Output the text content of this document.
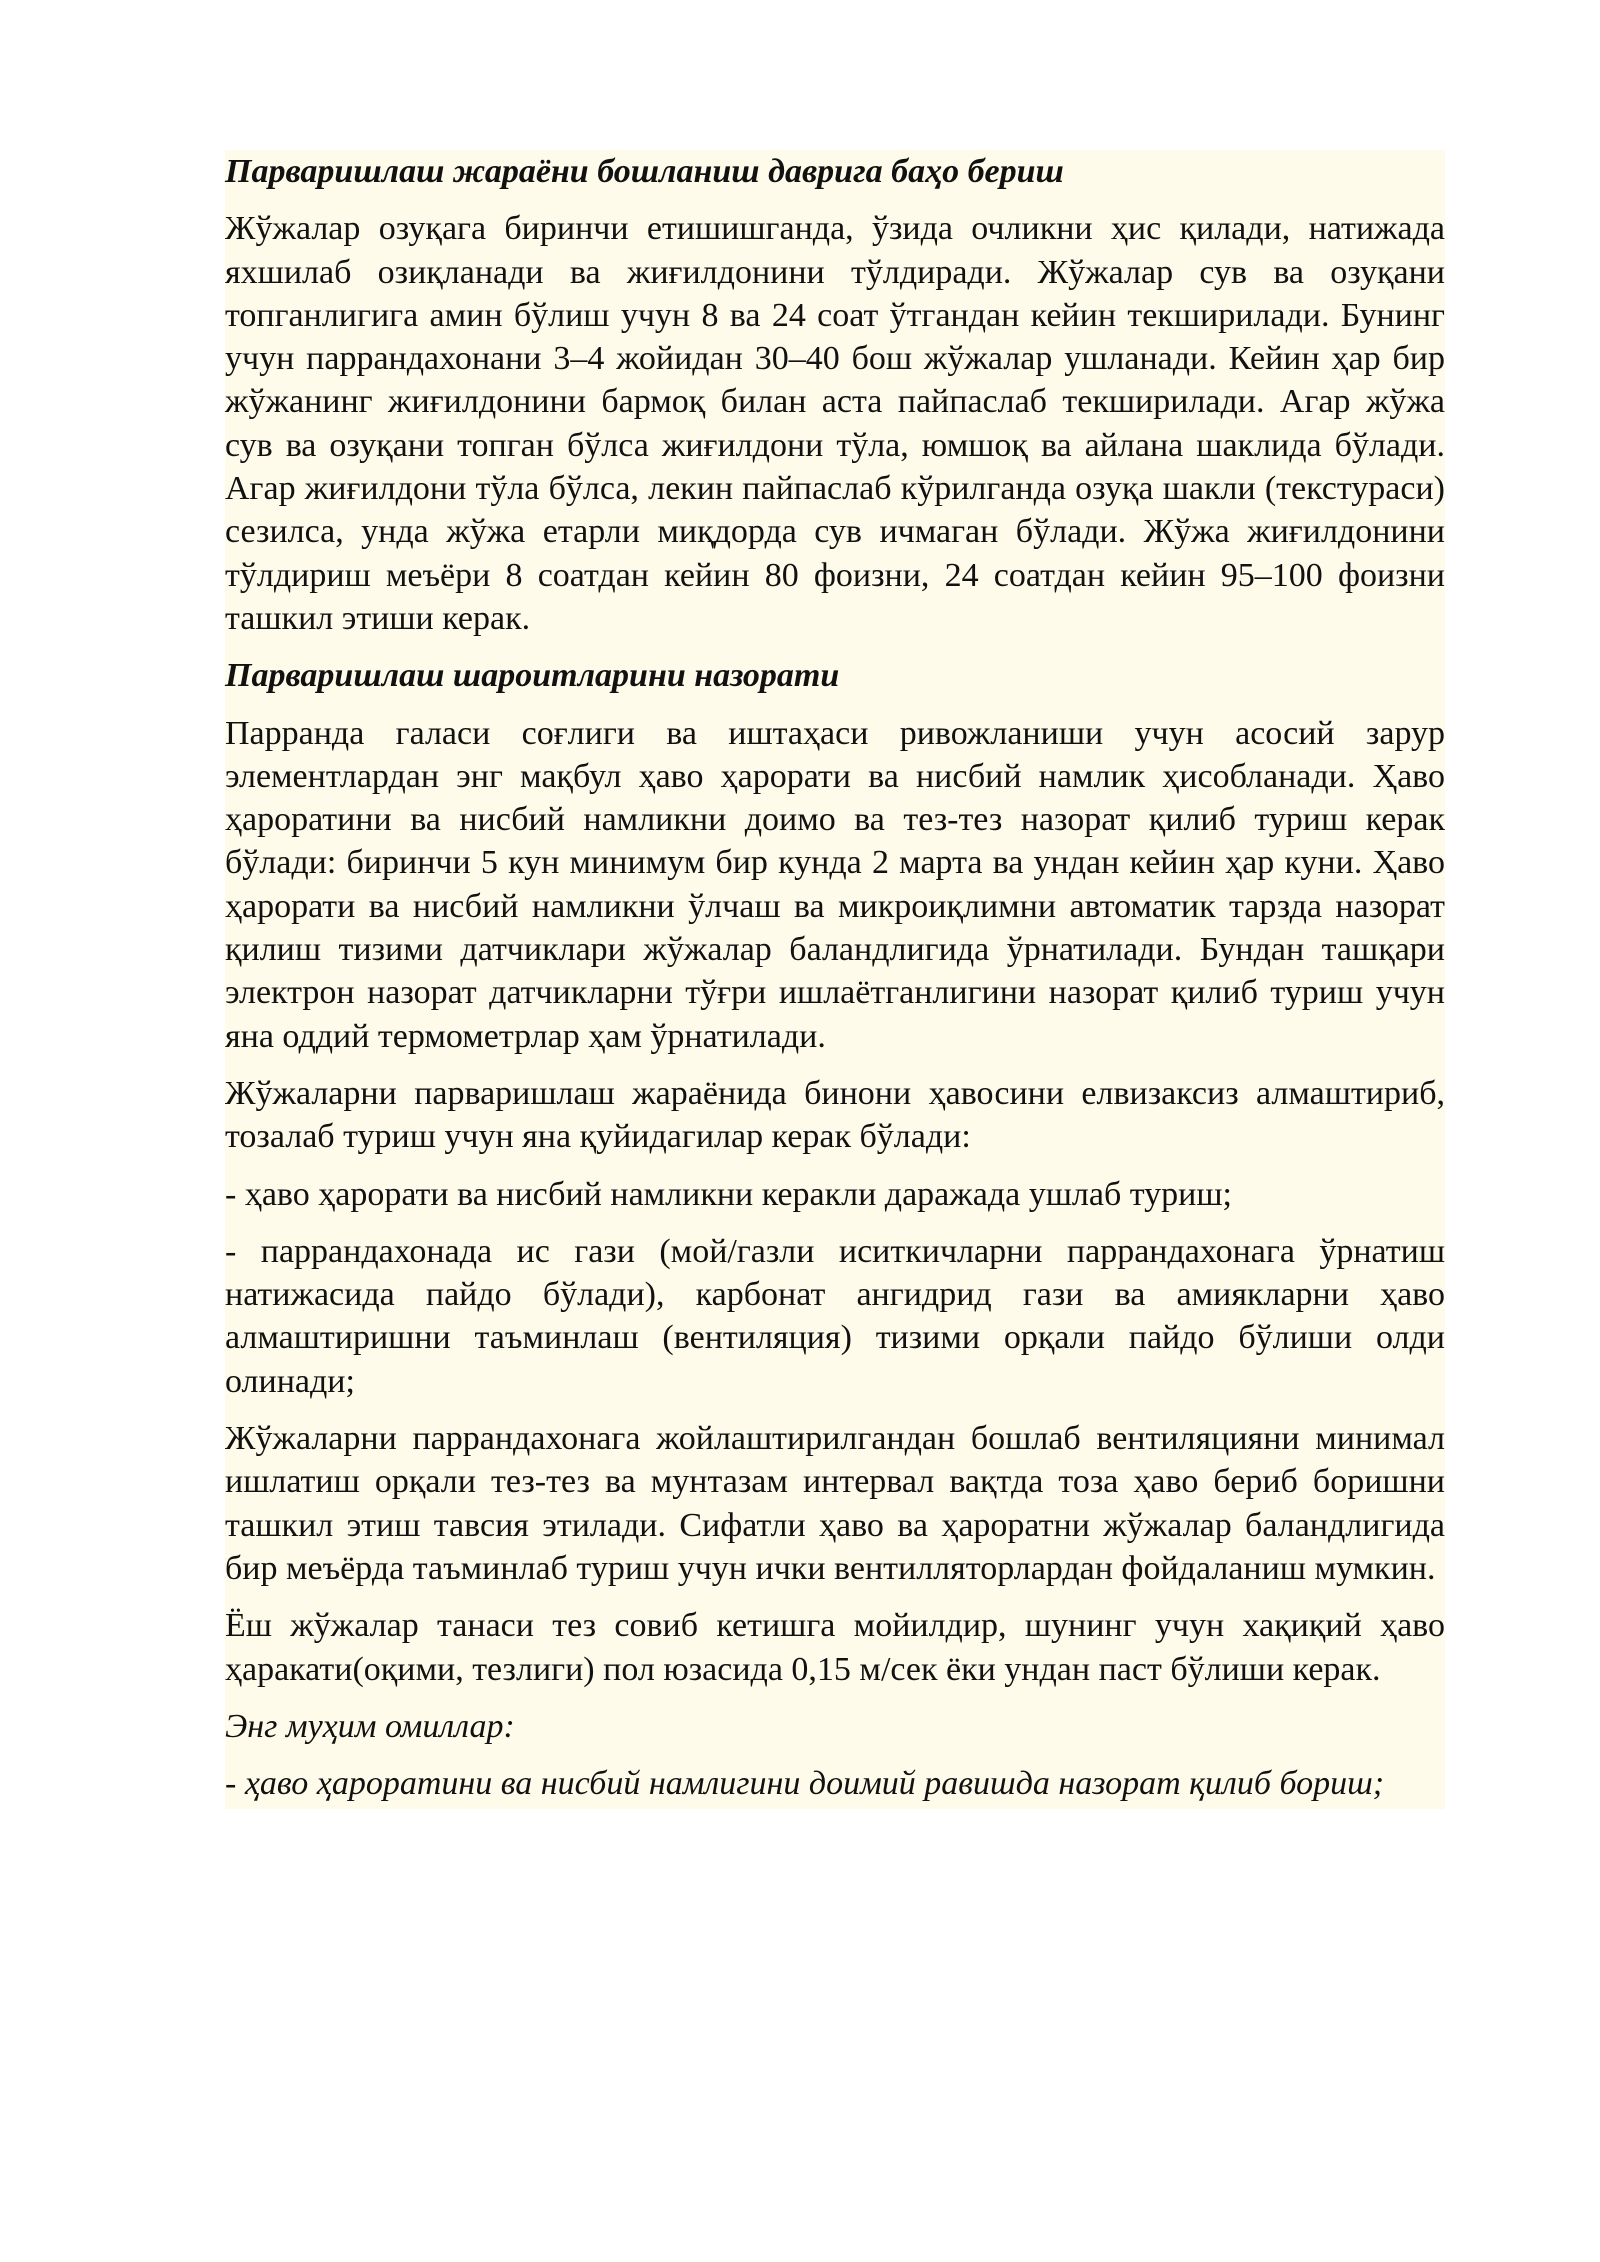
Парваришлаш жараёни бошланиш даврига баҳо бериш

Жўжалар озуқага биринчи етишишганда, ўзида очликни ҳис қилади, натижада яхшилаб озиқланади ва жиғилдонини тўлдиради. Жўжалар сув ва озуқани топганлигига амин бўлиш учун 8 ва 24 соат ўтгандан кейин текширилади. Бунинг учун паррандахонани 3–4 жойидан 30–40 бош жўжалар ушланади. Кейин ҳар бир жўжанинг жиғилдонини бармоқ билан аста пайпаслаб текширилади. Агар жўжа сув ва озуқани топган бўлса жиғилдони тўла, юмшоқ ва айлана шаклида бўлади. Агар жиғилдони тўла бўлса, лекин пайпаслаб кўрилганда озуқа шакли (текстураси) сезилса, унда жўжа етарли миқдорда сув ичмаган бўлади. Жўжа жиғилдонини тўлдириш меъёри 8 соатдан кейин 80 фоизни, 24 соатдан кейин 95–100 фоизни ташкил этиши керак.

Парваришлаш шароитларини назорати

Парранда галаси соғлиги ва иштаҳаси ривожланиши учун асосий зарур элементлардан энг мақбул ҳаво ҳарорати ва нисбий намлик ҳисобланади. Ҳаво ҳароратини ва нисбий намликни доимо ва тез-тез назорат қилиб туриш керак бўлади: биринчи 5 кун минимум бир кунда 2 марта ва ундан кейин ҳар куни. Ҳаво ҳарорати ва нисбий намликни ўлчаш ва микроиқлимни автоматик тарзда назорат қилиш тизими датчиклари жўжалар баландлигида ўрнатилади. Бундан ташқари электрон назорат датчикларни тўғри ишлаётганлигини назорат қилиб туриш учун яна оддий термометрлар ҳам ўрнатилади.

Жўжаларни парваришлаш жараёнида бинони ҳавосини елвизаксиз алмаштириб, тозалаб туриш учун яна қуйидагилар керак бўлади:

- ҳаво ҳарорати ва нисбий намликни керакли даражада ушлаб туриш;

- паррандахонада ис гази (мой/газли иситкичларни паррандахонага ўрнатиш натижасида пайдо бўлади), карбонат ангидрид гази ва амиякларни ҳаво алмаштиришни таъминлаш (вентиляция) тизими орқали пайдо бўлиши олди олинади;

Жўжаларни паррандахонага жойлаштирилгандан бошлаб вентиляцияни минимал ишлатиш орқали тез-тез ва мунтазам интервал вақтда тоза ҳаво бериб боришни ташкил этиш тавсия этилади. Сифатли ҳаво ва ҳароратни жўжалар баландлигида бир меъёрда таъминлаб туриш учун ички вентилляторлардан фойдаланиш мумкин.

Ёш жўжалар танаси тез совиб кетишга мойилдир, шунинг учун хақиқий ҳаво ҳаракати(оқими, тезлиги) пол юзасида 0,15 м/сек ёки ундан паст бўлиши керак.

Энг муҳим омиллар:

- ҳаво ҳароратини ва нисбий намлигини доимий равишда назорат қилиб бориш;
